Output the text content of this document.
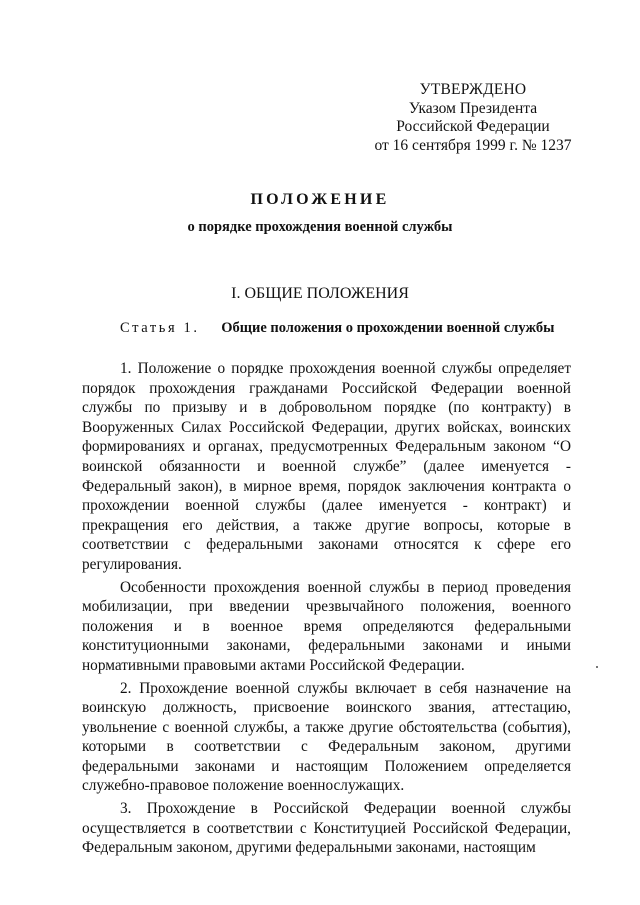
УТВЕРЖДЕНО
Указом Президента
Российской Федерации
от 16 сентября 1999 г. № 1237
ПОЛОЖЕНИЕ
о порядке прохождения военной службы
I. ОБЩИЕ ПОЛОЖЕНИЯ
Статья 1. Общие положения о прохождении военной службы

1. Положение о порядке прохождения военной службы определяет порядок прохождения гражданами Российской Федерации военной службы по призыву и в добровольном порядке (по контракту) в Вооруженных Силах Российской Федерации, других войсках, воинских формированиях и органах, предусмотренных Федеральным законом “О воинской обязанности и военной службе” (далее именуется - Федеральный закон), в мирное время, порядок заключения контракта о прохождении военной службы (далее именуется - контракт) и прекращения его действия, а также другие вопросы, которые в соответствии с федеральными законами относятся к сфере его регулирования.

Особенности прохождения военной службы в период проведения мобилизации, при введении чрезвычайного положения, военного положения и в военное время определяются федеральными конституционными законами, федеральными законами и иными нормативными правовыми актами Российской Федерации.

2. Прохождение военной службы включает в себя назначение на воинскую должность, присвоение воинского звания, аттестацию, увольнение с военной службы, а также другие обстоятельства (события), которыми в соответствии с Федеральным законом, другими федеральными законами и настоящим Положением определяется служебно-правовое положение военнослужащих.

3. Прохождение в Российской Федерации военной службы осуществляется в соответствии с Конституцией Российской Федерации, Федеральным законом, другими федеральными законами, настоящим
